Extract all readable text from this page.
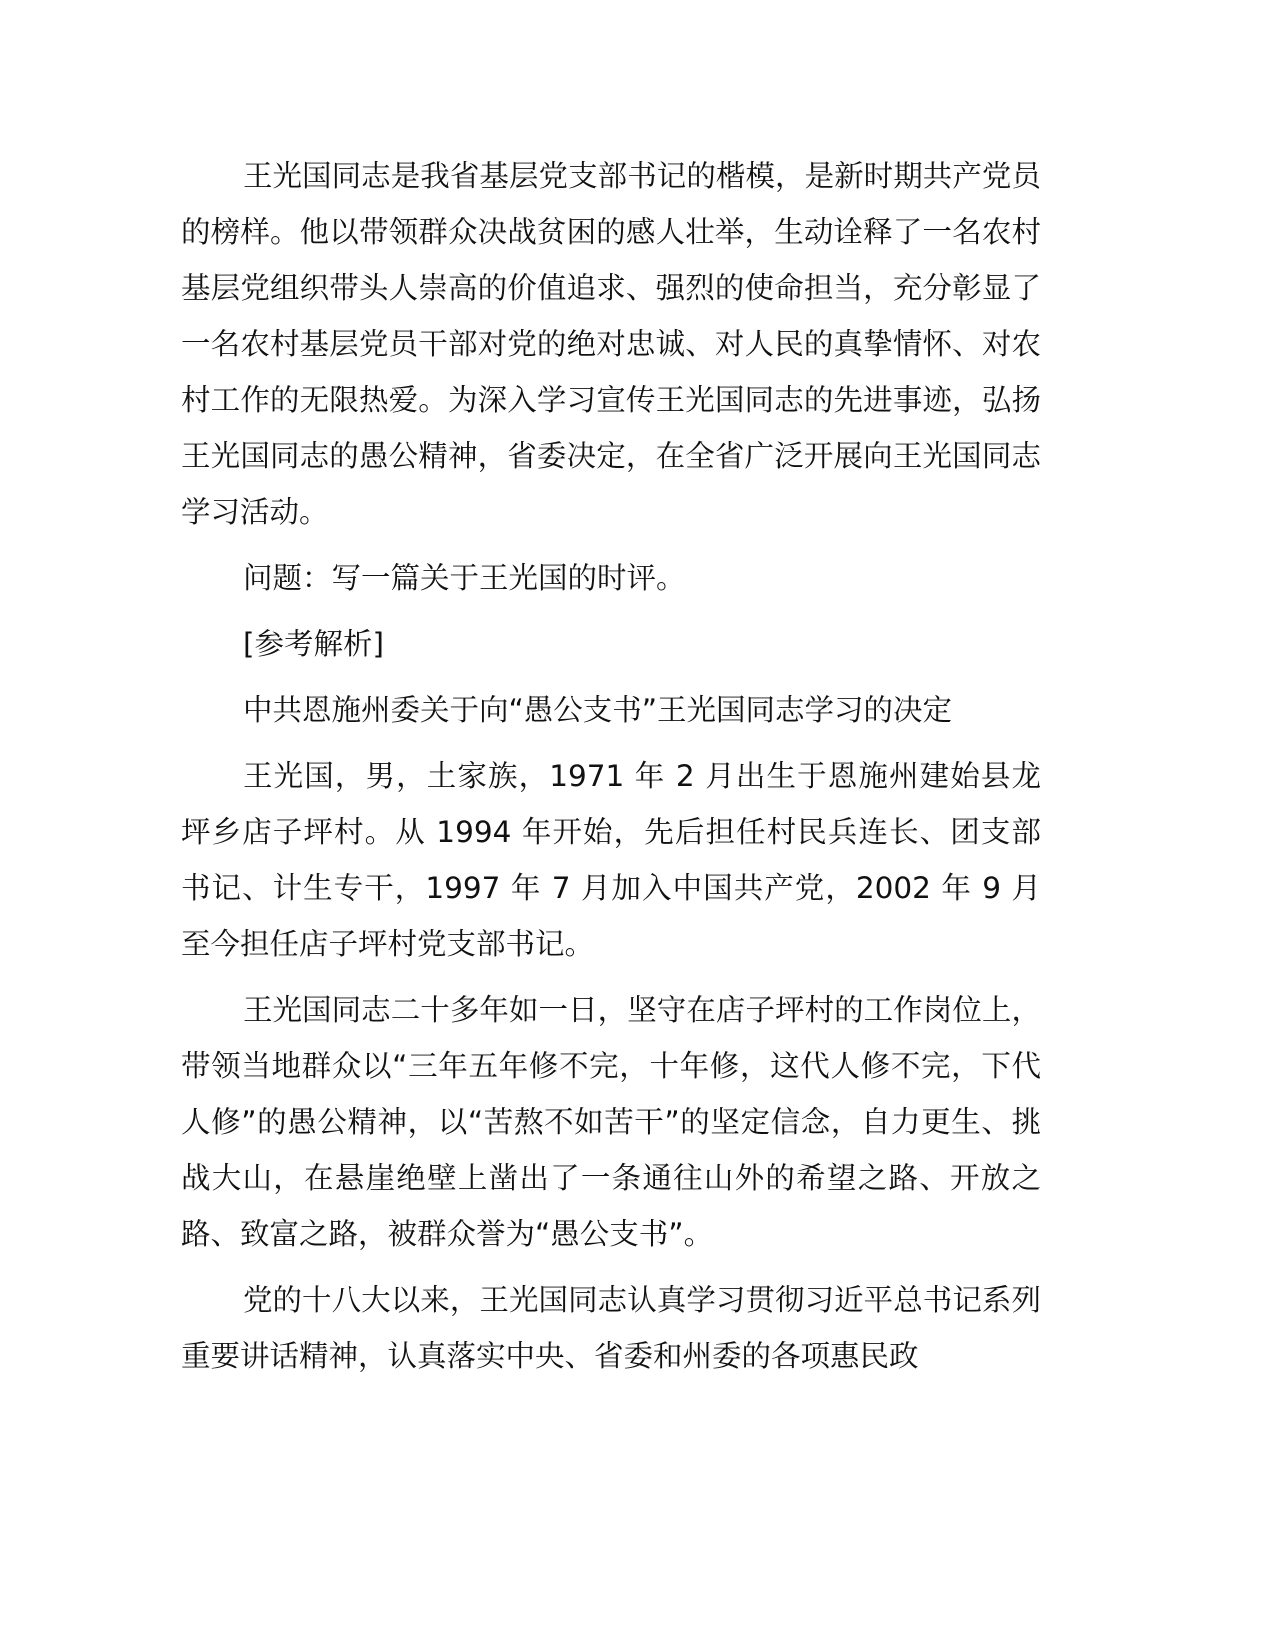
王光国同志是我省基层党支部书记的楷模，是新时期共产党员的榜样。他以带领群众决战贫困的感人壮举，生动诠释了一名农村基层党组织带头人崇高的价值追求、强烈的使命担当，充分彰显了一名农村基层党员干部对党的绝对忠诚、对人民的真挚情怀、对农村工作的无限热爱。为深入学习宣传王光国同志的先进事迹，弘扬王光国同志的愚公精神，省委决定，在全省广泛开展向王光国同志学习活动。

问题：写一篇关于王光国的时评。

[参考解析]

中共恩施州委关于向“愚公支书”王光国同志学习的决定

王光国，男，土家族，1971 年 2 月出生于恩施州建始县龙坪乡店子坪村。从 1994 年开始，先后担任村民兵连长、团支部书记、计生专干，1997 年 7 月加入中国共产党，2002 年 9 月至今担任店子坪村党支部书记。

王光国同志二十多年如一日，坚守在店子坪村的工作岗位上，带领当地群众以“三年五年修不完，十年修，这代人修不完，下代人修”的愚公精神，以“苦熬不如苦干”的坚定信念，自力更生、挑战大山，在悬崖绝壁上凿出了一条通往山外的希望之路、开放之路、致富之路，被群众誉为“愚公支书”。

党的十八大以来，王光国同志认真学习贯彻习近平总书记系列重要讲话精神，认真落实中央、省委和州委的各项惠民政
